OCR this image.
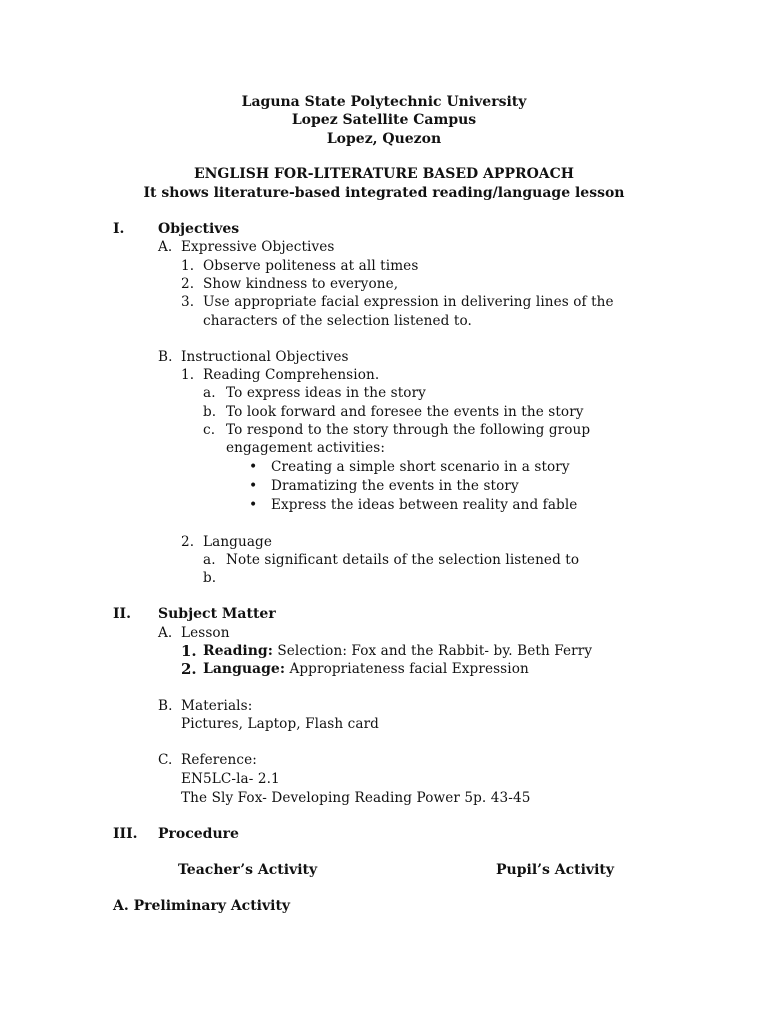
Laguna State Polytechnic University
Lopez Satellite Campus
Lopez, Quezon
ENGLISH FOR-LITERATURE BASED APPROACH
It shows literature-based integrated reading/language lesson
I. Objectives
A. Expressive Objectives
1. Observe politeness at all times
2. Show kindness to everyone,
3. Use appropriate facial expression in delivering lines of the
characters of the selection listened to.
B. Instructional Objectives
1. Reading Comprehension.
a. To express ideas in the story
b. To look forward and foresee the events in the story
c. To respond to the story through the following group
engagement activities:
• Creating a simple short scenario in a story
• Dramatizing the events in the story
• Express the ideas between reality and fable
2. Language
a. Note significant details of the selection listened to
b.
II. Subject Matter
A. Lesson
1. Reading: Selection: Fox and the Rabbit- by. Beth Ferry
2. Language: Appropriateness facial Expression
B. Materials:
Pictures, Laptop, Flash card
C. Reference:
EN5LC-la- 2.1
The Sly Fox- Developing Reading Power 5p. 43-45
III. Procedure
Teacher’s Activity	Pupil’s Activity
A. Preliminary Activity
